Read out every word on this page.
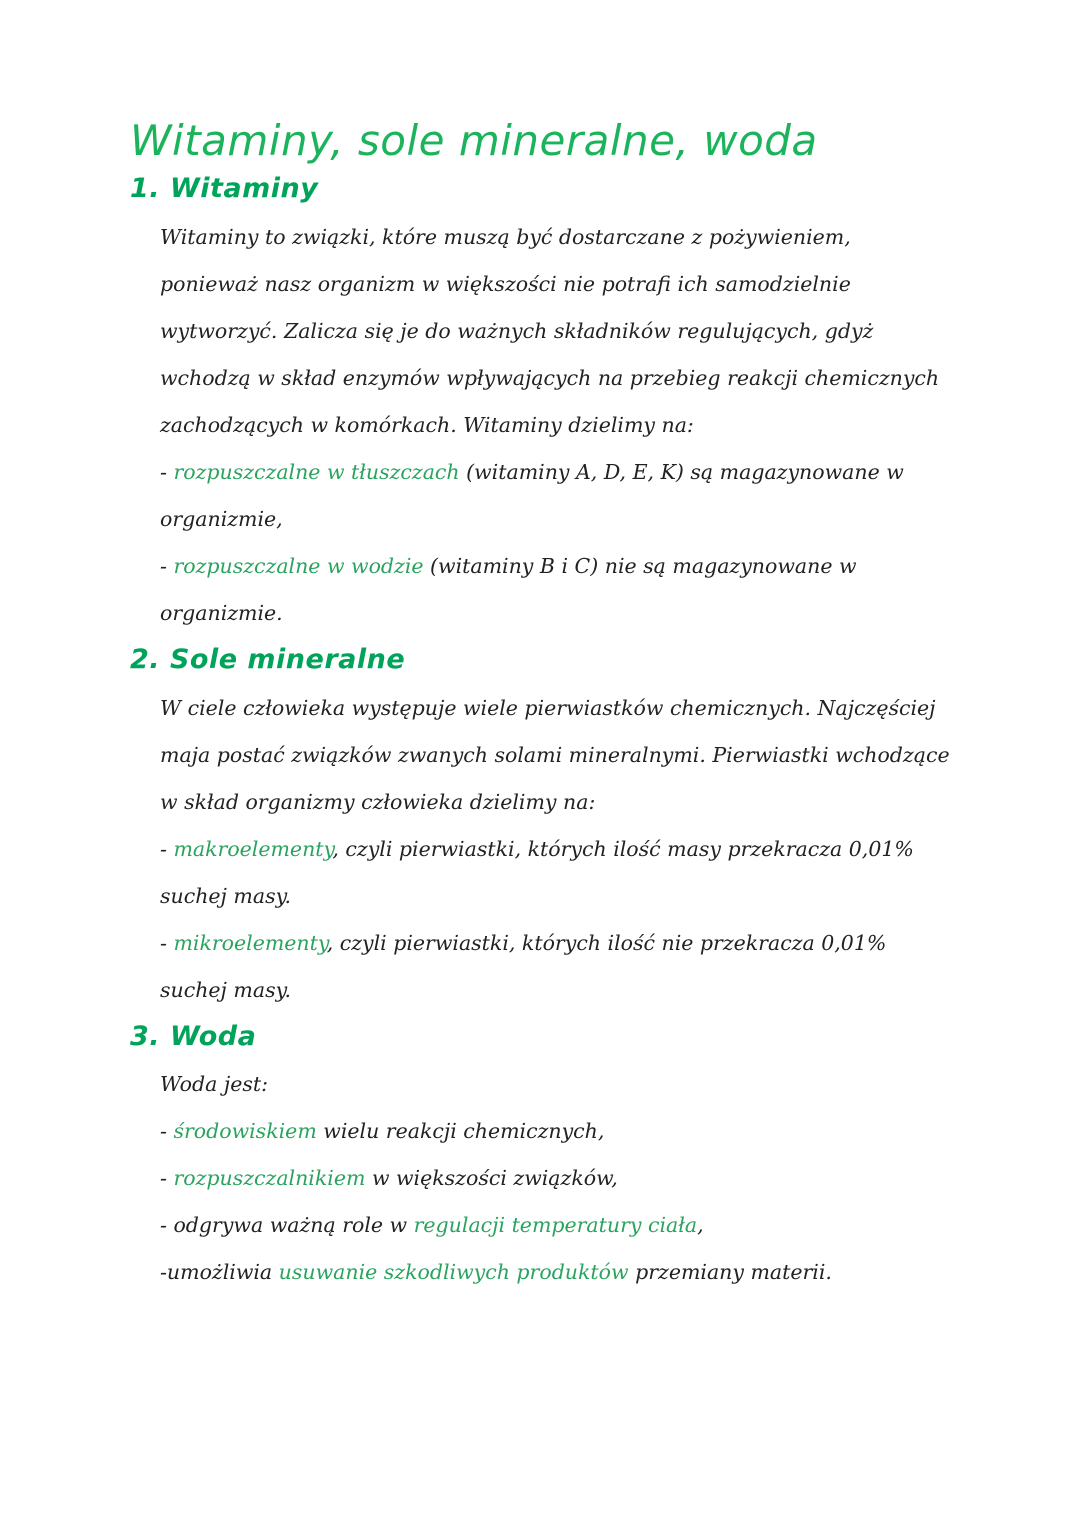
Witaminy, sole mineralne, woda
1. Witaminy

Witaminy to związki, które muszą być dostarczane z pożywieniem, ponieważ nasz organizm w większości nie potrafi ich samodzielnie wytworzyć. Zalicza się je do ważnych składników regulujących, gdyż wchodzą w skład enzymów wpływających na przebieg reakcji chemicznych zachodzących w komórkach. Witaminy dzielimy na:

- rozpuszczalne w tłuszczach (witaminy A, D, E, K) są magazynowane w organizmie,

- rozpuszczalne w wodzie (witaminy B i C) nie są magazynowane w organizmie.

2. Sole mineralne

W ciele człowieka występuje wiele pierwiastków chemicznych. Najczęściej maja postać związków zwanych solami mineralnymi. Pierwiastki wchodzące w skład organizmy człowieka dzielimy na:

- makroelementy, czyli pierwiastki, których ilość masy przekracza 0,01% suchej masy.

- mikroelementy, czyli pierwiastki, których ilość nie przekracza 0,01% suchej masy.

3. Woda

Woda jest:

- środowiskiem wielu reakcji chemicznych,

- rozpuszczalnikiem w większości związków,

- odgrywa ważną role w regulacji temperatury ciała,

-umożliwia usuwanie szkodliwych produktów przemiany materii.
